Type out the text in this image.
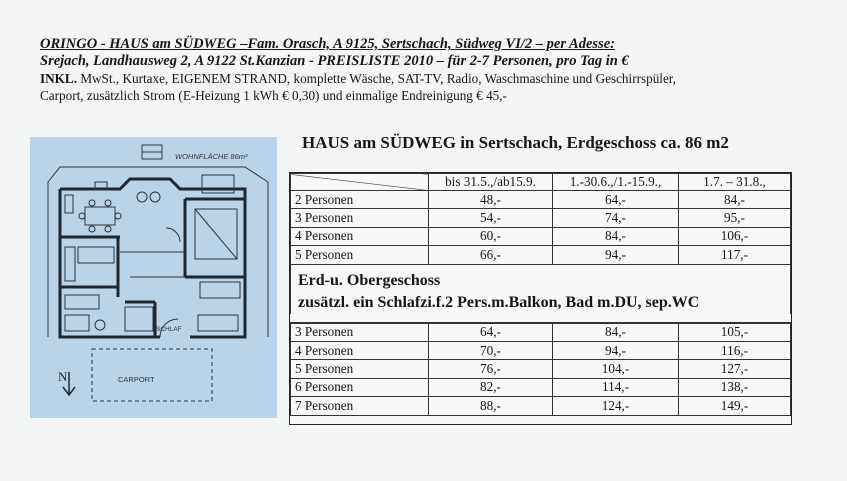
ORINGO - HAUS am SÜDWEG –Fam. Orasch, A 9125, Sertschach, Südweg VI/2 – per Adesse:
Srejach, Landhausweg 2, A 9122 St.Kanzian - PREISLISTE 2010 – für 2-7 Personen, pro Tag in €
INKL. MwSt., Kurtaxe, EIGENEM STRAND, komplette Wäsche, SAT-TV, Radio, Waschmaschine und Geschirrspüler,
Carport, zusätzlich Strom (E-Heizung 1 kWh € 0,30) und einmalige Endreinigung € 45,-
N
WOHNFLÄCHE 86m²
CARPORT
SCHLAF
HAUS am SÜDWEG in Sertschach, Erdgeschoss ca. 86 m2
	bis 31.5.,/ab15.9.	1.-30.6.,/1.-15.9.,	1.7. – 31.8.,
2 Personen	48,-	64,-	84,-
3 Personen	54,-	74,-	95,-
4 Personen	60,-	84,-	106,-
5 Personen	66,-	94,-	117,-
Erd-u. Obergeschoss
zusätzl. ein Schlafzi.f.2 Pers.m.Balkon, Bad m.DU, sep.WC
3 Personen	64,-	84,-	105,-
4 Personen	70,-	94,-	116,-
5 Personen	76,-	104,-	127,-
6 Personen	82,-	114,-	138,-
7 Personen	88,-	124,-	149,-
